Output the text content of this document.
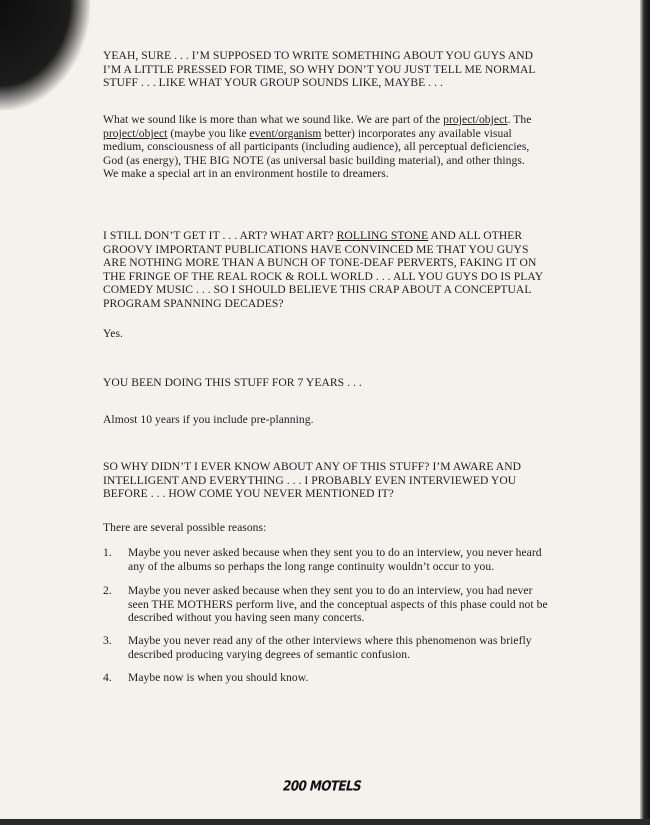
YEAH, SURE . . . I’M SUPPOSED TO WRITE SOMETHING ABOUT YOU GUYS AND I’M A LITTLE PRESSED FOR TIME, SO WHY DON’T YOU JUST TELL ME NORMAL STUFF . . . LIKE WHAT YOUR GROUP SOUNDS LIKE, MAYBE . . .
What we sound like is more than what we sound like. We are part of the project/object. The project/object (maybe you like event/organism better) incorporates any available visual medium, consciousness of all participants (including audience), all perceptual deficiencies, God (as energy), THE BIG NOTE (as universal basic building material), and other things. We make a special art in an environment hostile to dreamers.
I STILL DON’T GET IT . . . ART? WHAT ART? ROLLING STONE AND ALL OTHER GROOVY IMPORTANT PUBLICATIONS HAVE CONVINCED ME THAT YOU GUYS ARE NOTHING MORE THAN A BUNCH OF TONE-DEAF PERVERTS, FAKING IT ON THE FRINGE OF THE REAL ROCK & ROLL WORLD . . . ALL YOU GUYS DO IS PLAY COMEDY MUSIC . . . SO I SHOULD BELIEVE THIS CRAP ABOUT A CONCEPTUAL PROGRAM SPANNING DECADES?
Yes.
YOU BEEN DOING THIS STUFF FOR 7 YEARS . . .
Almost 10 years if you include pre-planning.
SO WHY DIDN’T I EVER KNOW ABOUT ANY OF THIS STUFF? I’M AWARE AND INTELLIGENT AND EVERYTHING . . . I PROBABLY EVEN INTERVIEWED YOU BEFORE . . . HOW COME YOU NEVER MENTIONED IT?
There are several possible reasons:
1. Maybe you never asked because when they sent you to do an interview, you never heard any of the albums so perhaps the long range continuity wouldn’t occur to you.
2. Maybe you never asked because when they sent you to do an interview, you had never seen THE MOTHERS perform live, and the conceptual aspects of this phase could not be described without you having seen many concerts.
3. Maybe you never read any of the other interviews where this phenomenon was briefly described producing varying degrees of semantic confusion.
4. Maybe now is when you should know.
200 MOTELS
